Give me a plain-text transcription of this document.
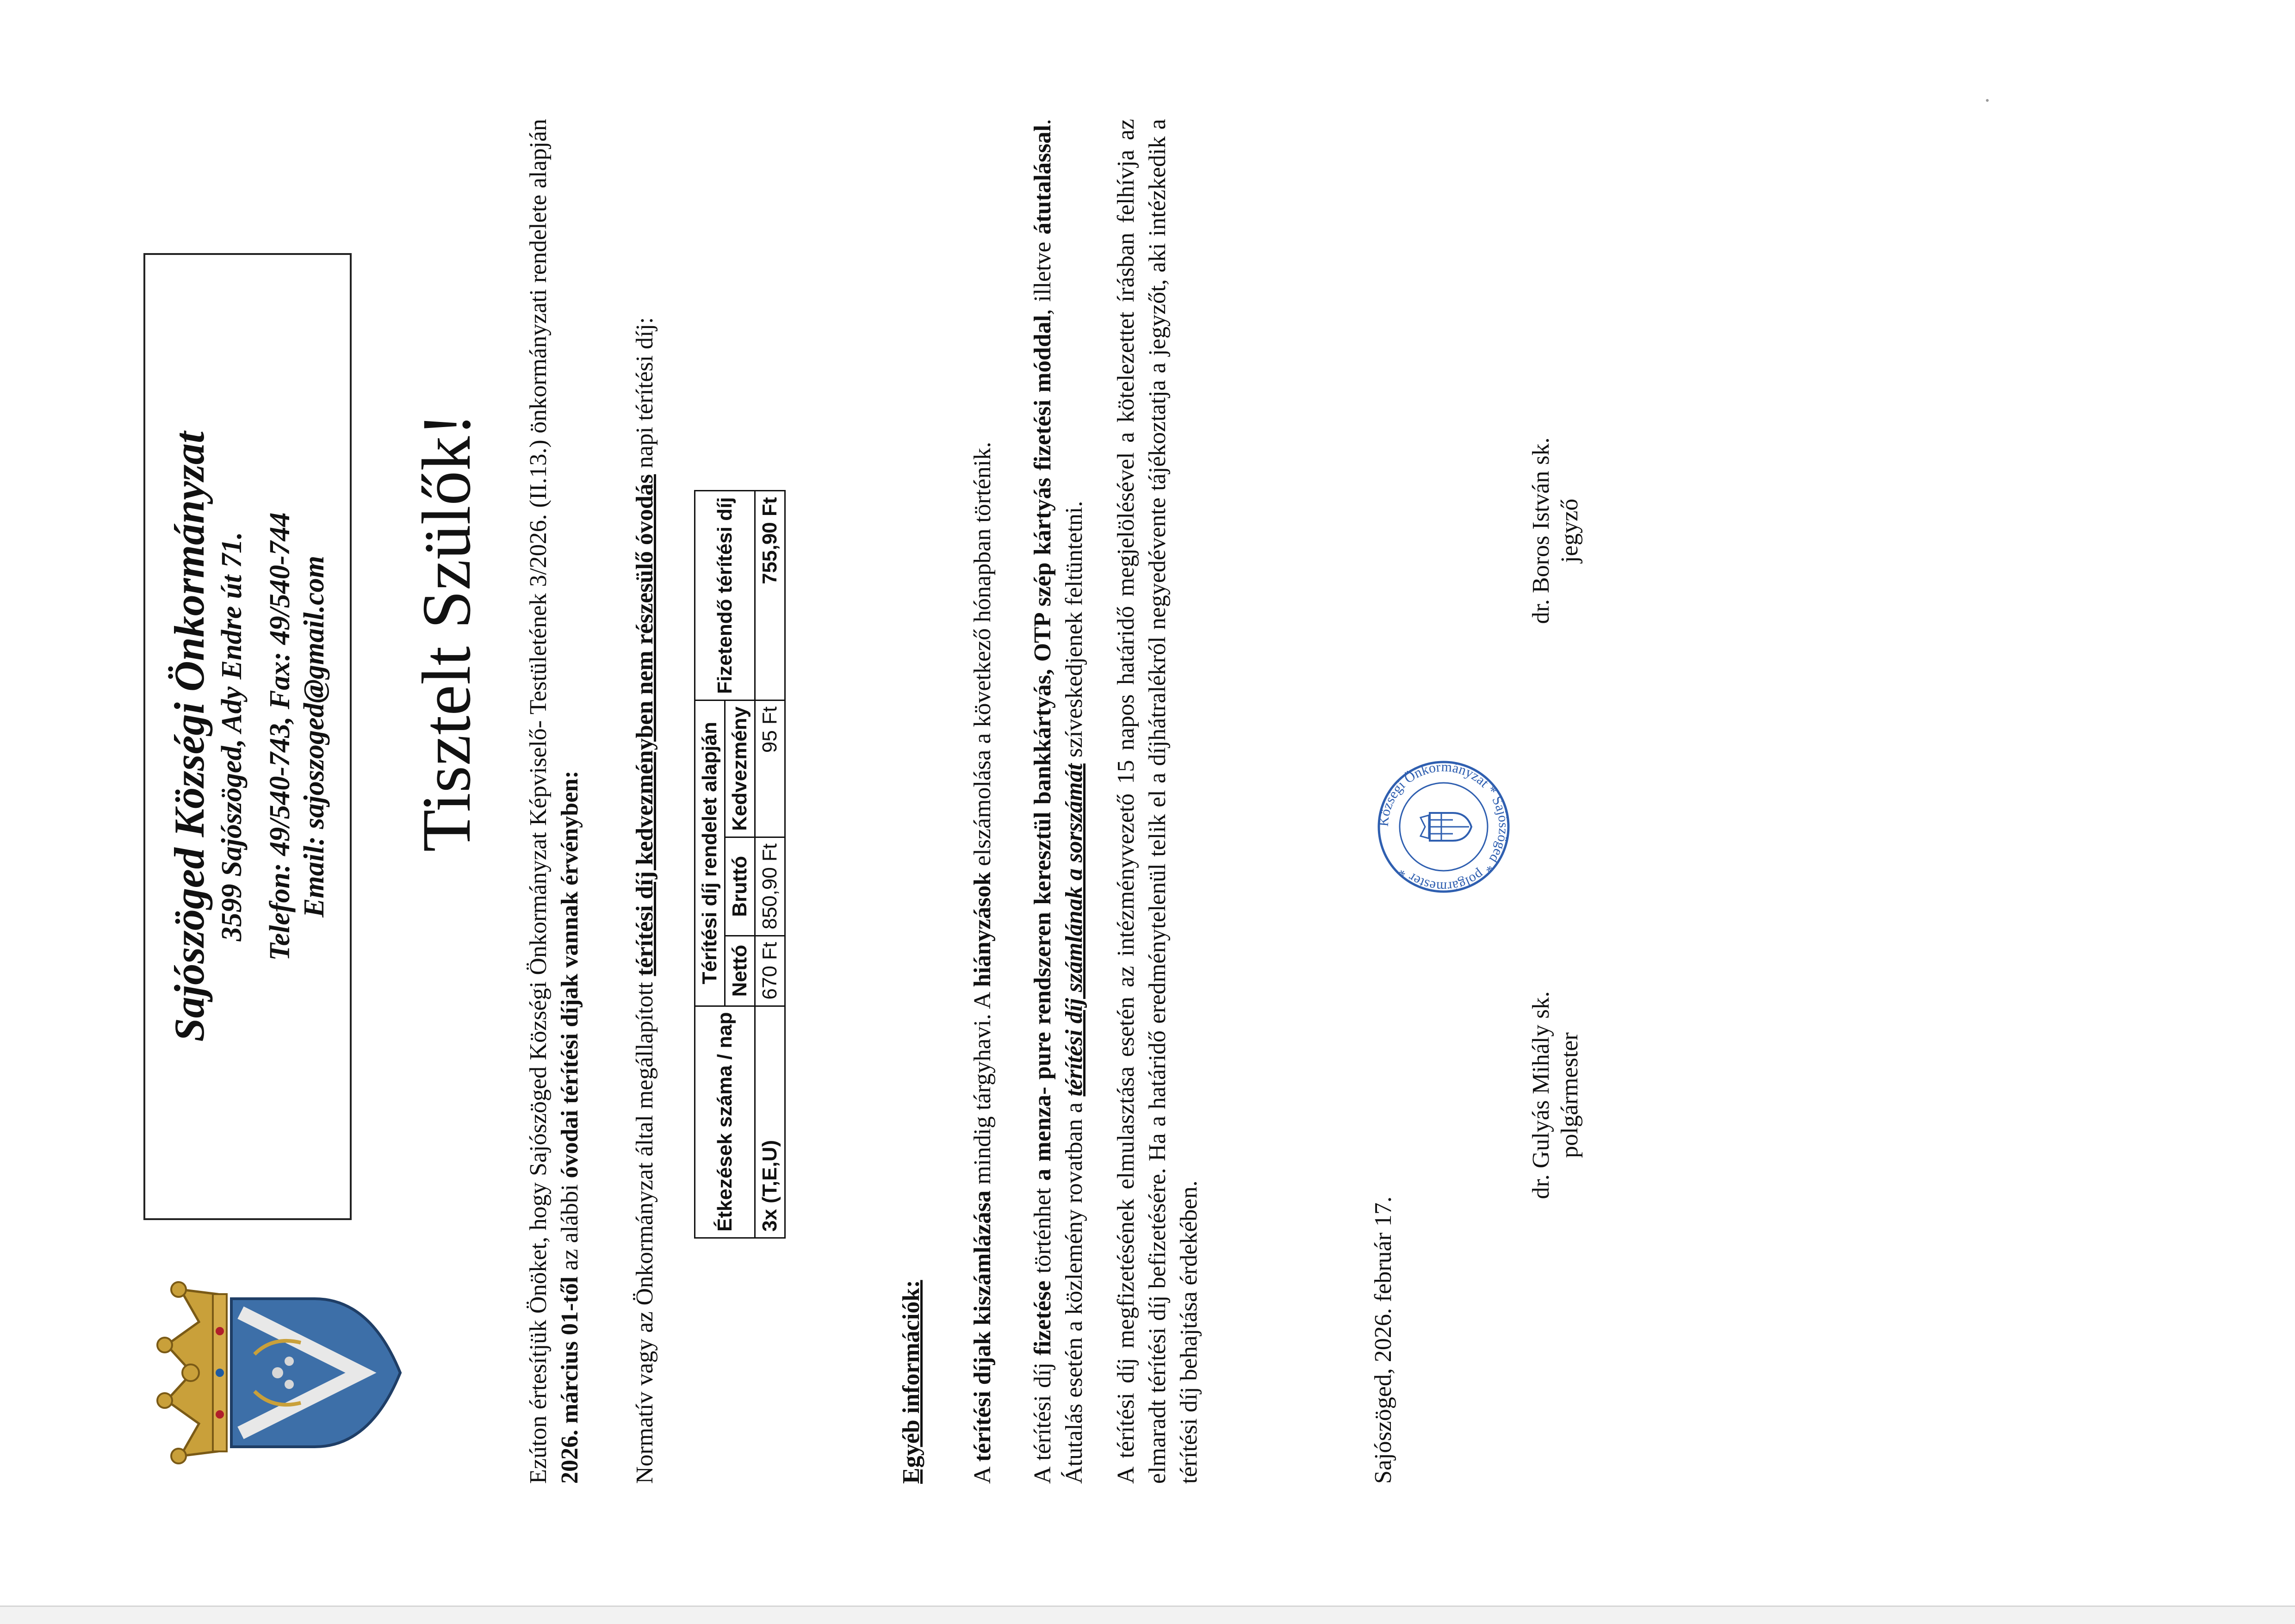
Sajószöged Községi Önkormányzat 3599 Sajószöged, Ady Endre út 71. Telefon: 49/540-743, Fax: 49/540-744 Email: sajoszoged@gmail.com Tisztelt Szülők! Ezúton értesítjük Önöket, hogy Sajószöged Községi Önkormányzat Képviselő- Testületének 3/2026. (II.13.) önkormányzati rendelete alapján 2026. március 01-től az alábbi óvodai térítési díjak vannak érvényben:
Normatív vagy az Önkormányzat által megállapított térítési díj kedvezményben nem részesülő óvodás napi térítési díj:
Étkezések száma / nap	Térítési díj rendelet alapján			Fizetendő térítési díj
	Nettó	Bruttó	Kedvezmény	
3x (T,E,U)	670 Ft	850,90 Ft	95 Ft	755,90 Ft
Egyéb információk: A térítési díjak kiszámlázása mindig tárgyhavi. A hiányzások elszámolása a következő hónapban történik.
A térítési díj fizetése történhet a menza- pure rendszeren keresztül bankkártyás, OTP szép kártyás fizetési móddal, illetve átutalással. Átutalás esetén a közlemény rovatban a térítési díj számlának a sorszámát szíveskedjenek feltüntetni. A térítési díj megfizetésének elmulasztása esetén az intézményvezető 15 napos határidő megjelölésével a kötelezettet írásban felhívja az elmaradt térítési díj befizetésére. Ha a határidő eredménytelenül telik el a díjhátralékról negyedévente tájékoztatja a jegyzőt, aki intézkedik a térítési díj behajtása érdekében.	Sajószöged, 2026. február 17.
Községi Önkormányzat * Sajószöged * polgármester *
dr. Gulyás Mihály sk. polgármester
dr. Boros István sk. jegyző
